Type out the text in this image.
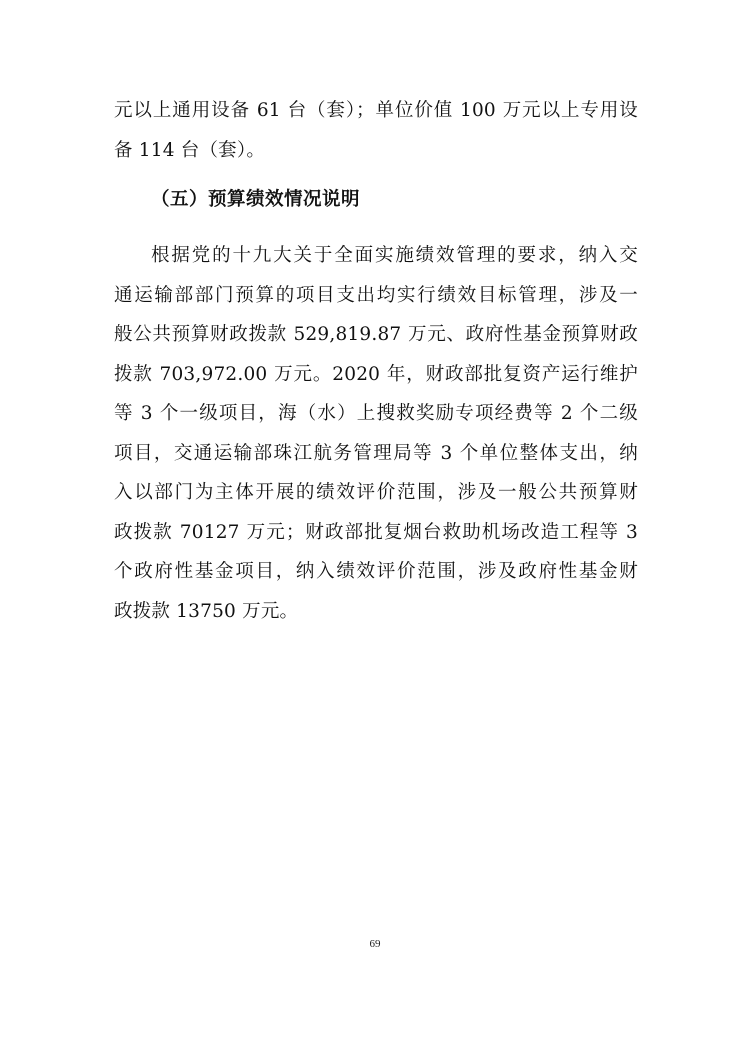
元以上通用设备 61 台（套）；单位价值 100 万元以上专用设
备 114 台（套）。
（五）预算绩效情况说明
根据党的十九大关于全面实施绩效管理的要求，纳入交
通运输部部门预算的项目支出均实行绩效目标管理，涉及一
般公共预算财政拨款 529,819.87 万元、政府性基金预算财政
拨款 703,972.00 万元。2020 年，财政部批复资产运行维护
等 3 个一级项目，海（水）上搜救奖励专项经费等 2 个二级
项目，交通运输部珠江航务管理局等 3 个单位整体支出，纳
入以部门为主体开展的绩效评价范围，涉及一般公共预算财
政拨款 70127 万元；财政部批复烟台救助机场改造工程等 3
个政府性基金项目，纳入绩效评价范围，涉及政府性基金财
政拨款 13750 万元。
69
